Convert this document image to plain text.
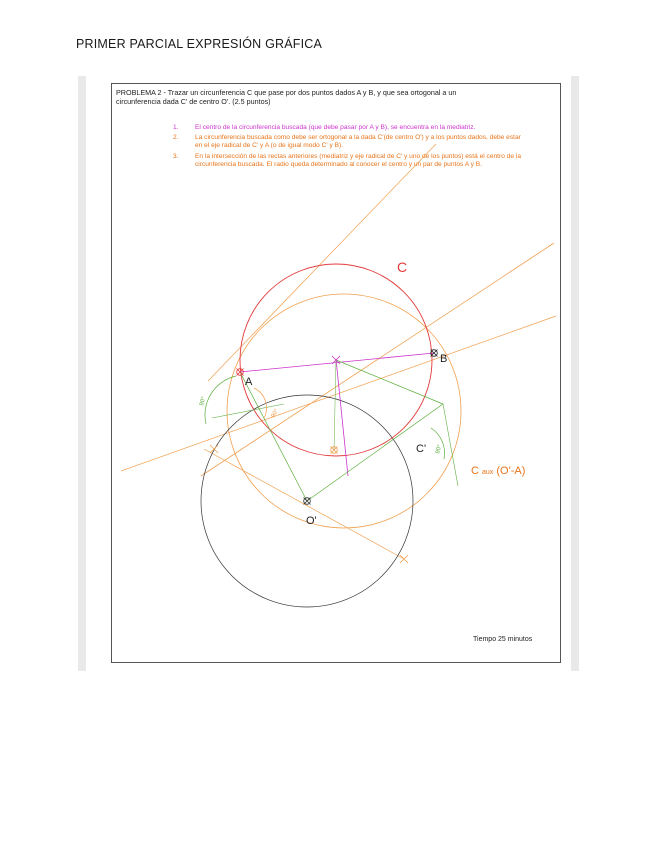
PRIMER PARCIAL EXPRESIÓN GRÁFICA
PROBLEMA 2 - Trazar un circunferencia C que pase por dos puntos dados A y B, y que sea ortogonal a un
circunferencia dada C' de centro O'. (2.5 puntos)
1.	El centro de la circunferencia buscada (que debe pasar por A y B), se encuentra en la mediatriz.
2.	La circunferencia buscada como debe ser ortogonal a la dada C'(de centro O') y a los puntos dados, debe estar en el eje radical de C' y A (o de igual modo C' y B).
3.	En la intersección de las rectas anteriores (mediatriz y eje radical de C' y uno de los puntos) está el centro de la circunferencia buscada. El radio queda determinado al conocer el centro y un par de puntos A y B.
C
A
B
C'
O'
C aux (O'-A)
90°
90°
90°
Tiempo 25 minutos
